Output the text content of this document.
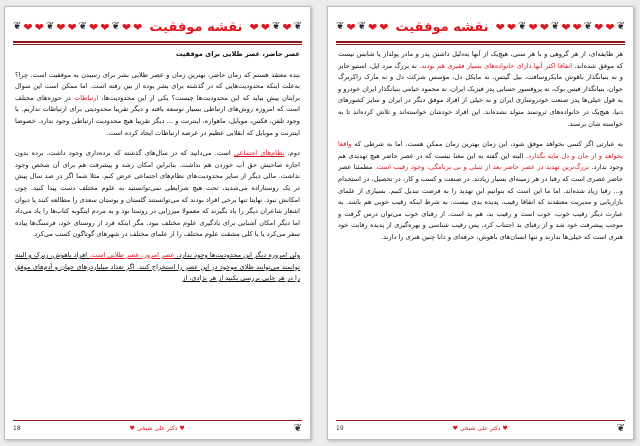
❦ ❤ ❤ ❦ ❤ ❤ ❦ ❤ ❤ ❦ ❤ ❤ نقشه موفقیت ❤ ❤ ❦ ❤ ❦

عصر حاضر، عصر طلایی برای موفقیت

بنده معتقد هستم که زمان حاضر، بهترین زمان و عصر طلایی بشر برای رسیدن به موفقیت است. چرا؟ به‌علت اینکه محدودیت‌هایی که در گذشته برای بشر بوده از بین رفته است. اما ممکن است این سوال برایتان پیش بیاید که این محدودیت‌ها چیست؟ یکی از این محدودیت‌ها، ارتباطات در حوزه‌های مختلف است که امروزه روش‌های ارتباطی بسیار توسعه یافته و دیگر تقریبا محدودیتی برای ارتباطات نداریم. با وجود تلفن، فکس، موبایل، ماهواره، اینترنت و ... دیگر تقریبا هیچ محدودیت ارتباطی وجود ندارد. خصوصا اینترنت و موبایل که انقلابی عظیم در عرصه ارتباطات ایجاد کرده است.

دوم، نظام‌های اجتماعی است. می‌دانید که در سال‌های گذشته که برده‌داری وجود داشت، برده بدون اجازه صاحبش حق آب خوردن هم نداشت. بنابراین امکان رشد و پیشرفت هم برای آن شخص وجود نداشت. مالی دیگر از سایر محدودیت‌های نظام‌های اجتماعی عرض کنم. مثلا شما اگر در صد سال پیش در یک روستازاده می‌شدید، تحت هیچ شرایطی نمی‌توانستید به علوم مختلف دست پیدا کنید. چون امکانش نبود. نهایتا تنها برخی افراد بودند که می‌توانستند گلستان و بوستان سعدی را مطالعه کنند یا دیوان اشعار شاعران دیگر را یاد بگیرند که معمولا میرزایی در روستا بود و به مردم اینگونه کتاب‌ها را یاد می‌داد اما دیگر امکان آشنایی برای یادگیری علوم مختلف نبود. مگر اینکه فرد از روستای خود، فرسنگ‌ها پیاده سفر می‌کرد یا با کلی مشقت علوم مختلف را از علمای مختلف در شهرهای گوناگون کسب می‌کرد.

ولی امروزه دیگر این محدودیت‌ها وجود ندارد. عصر امروز، عصر طلایی است. افراد باهوش، زیرک و البته توانمند می‌توانند طلای موجود در این عصر را استخراج کنند. اگر تعداد میلیاردرهای جهان و آدم‌های موفق را در هر جایی بررسی بکنید از هر نژادی، از

18	♥ دکتر علی شیخی ♥	❦
❦ ❤ ❦ ❤ ❤ نقشه موفقیت ❤ ❤ ❦ ❤ ❤ ❦ ❤ ❤ ❦ ❤ ❤ ❦

هر طایفه‌ای، از هر گروهی و با هر سنی، هیچ‌یک از آنها به‌دلیل داشتن پدر و مادر پولدار یا شانس نیست که موفق شده‌اند. اتفاقا اکثر آنها دارای خانواده‌های بسیار فقیری هم بودند. نه بزرگ مرد ایل، استیو جابز و نه بنیانگذار باهوش مایکروسافت، بیل گیتس، نه مایکل دل، مؤسس شرکت دل و نه مارک زاکربرگ جوان، بنیانگذار فیس بوک، نه پروفسور حسابی پدر فیزیک ایران، نه محمود خیامی بنیانگذار ایران خودرو و به قول خیلی‌ها پدر صنعت خودروسازی ایران و نه خیلی از افراد موفق دیگر در ایران و سایر کشورهای دنیا، هیچ‌یک در خانواده‌های ثروتمند متولد نشده‌اند. این افراد خودشان خواسته‌اند و تلاش کرده‌اند تا به خواسته شان برسند.

به عبارتی اگر کسی بخواهد موفق شود، این زمان بهترین زمان ممکن هست. اما به شرطی که واقعا بخواهد و از جان و دل مایه بگذارد. البته این گفته به این معنا نیست که در عصر حاضر هیچ تهدیدی هم وجود ندارد. بزرگ‌ترین تهدید در عصر حاضر بعد از تنبلی و بی برنامگی، وجود رقیب است. مطمئنا عصر حاضر عصری است که رقبا در هر زمینه‌ای بسیار زیادند. در صنعت و کسب و کار، در تحصیل، در استخدام و... رقبا زیاد شده‌اند. اما ما این است که بتوانیم این تهدید را به فرصت تبدیل کنیم. بسیاری از علمای بازاریابی و مدیریت معتقدند که اتفاقا رقیب، پدیده بدی نیست. به شرط اینکه رقیب خوبی هم باشد. به عبارت دیگر رقیب خوب، خوب است و رقیب بد، هم بد است. از رقبای خوب می‌توان درس گرفت و موجب پیشرفت خود شد و از رقبای بد اجتناب کرد. پس رقیب شناسی و بهره‌گیری از پدیده رقابت خود هنری است که خیلی‌ها ندارند و تنها انسان‌های باهوش، حرفه‌ای و دانا چنین هنری را دارند.

19	♥ دکتر علی شیخی ♥	❦
